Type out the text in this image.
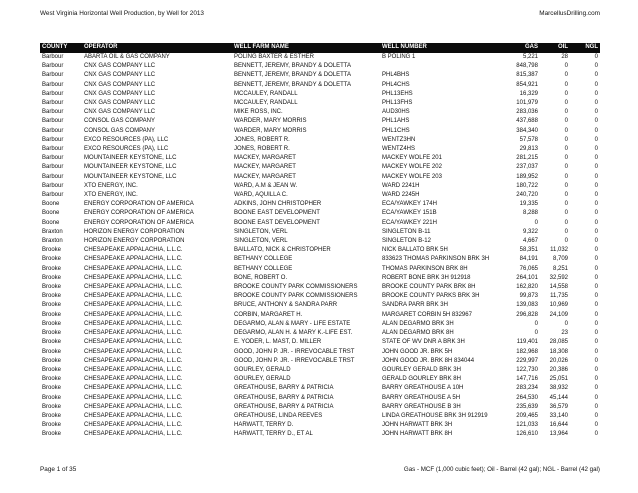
West Virginia Horizontal Well Production, by Well for 2013	MarcellusDrilling.com
COUNTY	OPERATOR	WELL FARM NAME	WELL NUMBER	GAS	OIL	NGL
Barbour	ABARTA OIL & GAS COMPANY	POLING BAXTER & ESTHER	B POLING 1	5,221	28	0
Barbour	CNX GAS COMPANY LLC	BENNETT, JEREMY, BRANDY & DOLETTA		848,798	0	0
Barbour	CNX GAS COMPANY LLC	BENNETT, JEREMY, BRANDY & DOLETTA	PHL4BHS	815,387	0	0
Barbour	CNX GAS COMPANY LLC	BENNETT, JEREMY, BRANDY & DOLETTA	PHL4CHS	854,921	0	0
Barbour	CNX GAS COMPANY LLC	MCCAULEY, RANDALL	PHL13EHS	16,329	0	0
Barbour	CNX GAS COMPANY LLC	MCCAULEY, RANDALL	PHL13FHS	101,979	0	0
Barbour	CNX GAS COMPANY LLC	MIKE ROSS, INC.	AUD30HS	283,036	0	0
Barbour	CONSOL GAS COMPANY	WARDER, MARY MORRIS	PHL1AHS	437,688	0	0
Barbour	CONSOL GAS COMPANY	WARDER, MARY MORRIS	PHL1CHS	384,340	0	0
Barbour	EXCO RESOURCES (PA), LLC	JONES, ROBERT R.	WENTZ3HN	57,578	0	0
Barbour	EXCO RESOURCES (PA), LLC	JONES, ROBERT R.	WENTZ4HS	29,813	0	0
Barbour	MOUNTAINEER KEYSTONE, LLC	MACKEY, MARGARET	MACKEY WOLFE 201	281,215	0	0
Barbour	MOUNTAINEER KEYSTONE, LLC	MACKEY, MARGARET	MACKEY WOLFE 202	237,037	0	0
Barbour	MOUNTAINEER KEYSTONE, LLC	MACKEY, MARGARET	MACKEY WOLFE 203	189,952	0	0
Barbour	XTO ENERGY, INC.	WARD, A.M & JEAN W.	WARD 2241H	180,722	0	0
Barbour	XTO ENERGY, INC.	WARD, AQUILLA C.	WARD 2245H	240,720	0	0
Boone	ENERGY CORPORATION OF AMERICA	ADKINS, JOHN CHRISTOPHER	ECA/YAWKEY 174H	19,335	0	0
Boone	ENERGY CORPORATION OF AMERICA	BOONE EAST DEVELOPMENT	ECA/YAWKEY 151B	8,288	0	0
Boone	ENERGY CORPORATION OF AMERICA	BOONE EAST DEVELOPMENT	ECA/YAWKEY 221H	0	0	0
Braxton	HORIZON ENERGY CORPORATION	SINGLETON, VERL	SINGLETON B-11	9,322	0	0
Braxton	HORIZON ENERGY CORPORATION	SINGLETON, VERL	SINGLETON B-12	4,667	0	0
Brooke	CHESAPEAKE APPALACHIA, L.L.C.	BAILLATO, NICK & CHRISTOPHER	NICK BALLATO BRK 5H	58,351	11,032	0
Brooke	CHESAPEAKE APPALACHIA, L.L.C.	BETHANY COLLEGE	833623 THOMAS PARKINSON BRK 3H	84,191	8,709	0
Brooke	CHESAPEAKE APPALACHIA, L.L.C.	BETHANY COLLEGE	THOMAS PARKINSON BRK 8H	76,065	8,251	0
Brooke	CHESAPEAKE APPALACHIA, L.L.C.	BONE, ROBERT O.	ROBERT BONE BRK 3H 912918	264,101	32,592	0
Brooke	CHESAPEAKE APPALACHIA, L.L.C.	BROOKE COUNTY PARK COMMISSIONERS	BROOKE COUNTY PARK BRK 8H	162,820	14,558	0
Brooke	CHESAPEAKE APPALACHIA, L.L.C.	BROOKE COUNTY PARK COMMISSIONERS	BROOKE COUNTY PARKS BRK 3H	99,873	11,735	0
Brooke	CHESAPEAKE APPALACHIA, L.L.C.	BRUCE, ANTHONY & SANDRA PARR	SANDRA PARR BRK 3H	139,083	10,969	0
Brooke	CHESAPEAKE APPALACHIA, L.L.C.	CORBIN, MARGARET H.	MARGARET CORBIN 5H 832967	296,828	24,109	0
Brooke	CHESAPEAKE APPALACHIA, L.L.C.	DEGARMO, ALAN & MARY - LIFE ESTATE	ALAN DEGARMO BRK 3H	0	0	0
Brooke	CHESAPEAKE APPALACHIA, L.L.C.	DEGARMO, ALAN H. & MARY K.-LIFE EST.	ALAN DEGARMO BRK 8H	0	23	0
Brooke	CHESAPEAKE APPALACHIA, L.L.C.	E. YODER, L. MAST, D. MILLER	STATE OF WV DNR A BRK 3H	119,401	28,085	0
Brooke	CHESAPEAKE APPALACHIA, L.L.C.	GOOD, JOHN P. JR. - IRREVOCABLE TRST	JOHN GOOD JR. BRK 5H	182,968	18,308	0
Brooke	CHESAPEAKE APPALACHIA, L.L.C.	GOOD, JOHN P. JR. - IRREVOCABLE TRST	JOHN GOOD JR. BRK 8H 834044	229,997	20,026	0
Brooke	CHESAPEAKE APPALACHIA, L.L.C.	GOURLEY, GERALD	GOURLEY GERALD BRK 3H	122,730	20,386	0
Brooke	CHESAPEAKE APPALACHIA, L.L.C.	GOURLEY, GERALD	GERALD GOURLEY BRK 8H	147,716	25,051	0
Brooke	CHESAPEAKE APPALACHIA, L.L.C.	GREATHOUSE, BARRY & PATRICIA	BARRY GREATHOUSE A 10H	283,234	38,932	0
Brooke	CHESAPEAKE APPALACHIA, L.L.C.	GREATHOUSE, BARRY & PATRICIA	BARRY GREATHOUSE A 5H	264,530	45,144	0
Brooke	CHESAPEAKE APPALACHIA, L.L.C.	GREATHOUSE, BARRY & PATRICIA	BARRY GREATHOUSE B 3H	235,639	36,579	0
Brooke	CHESAPEAKE APPALACHIA, L.L.C.	GREATHOUSE, LINDA REEVES	LINDA GREATHOUSE BRK 3H 912919	209,465	33,140	0
Brooke	CHESAPEAKE APPALACHIA, L.L.C.	HARWATT, TERRY D.	JOHN HARWATT BRK 3H	121,033	16,644	0
Brooke	CHESAPEAKE APPALACHIA, L.L.C.	HARWATT, TERRY D., ET AL	JOHN HARWATT BRK 8H	126,610	13,964	0
Page 1 of 35	Gas - MCF (1,000 cubic feet); Oil - Barrel (42 gal); NGL - Barrel (42 gal)
